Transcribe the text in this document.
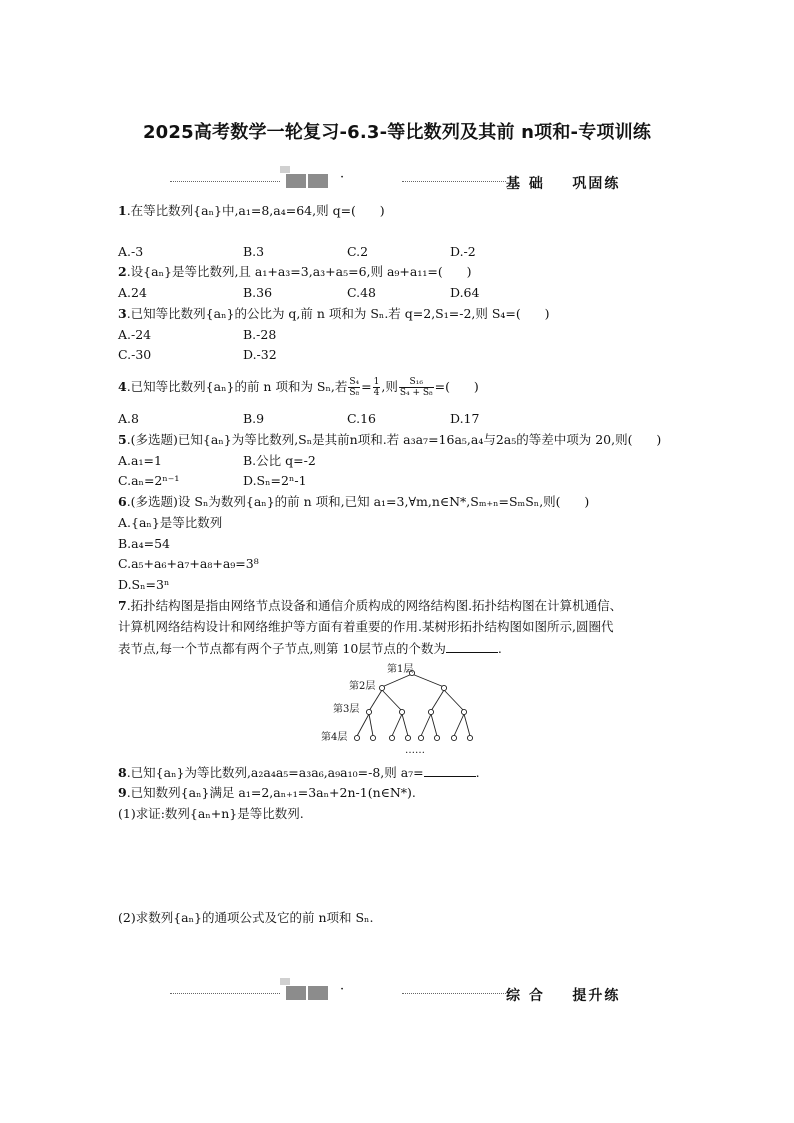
2025高考数学一轮复习-6.3-等比数列及其前 n项和-专项训练
·	基 础    巩固练
1.在等比数列{aₙ}中,a₁=8,a₄=64,则 q=(      )
A.-3	B.3	C.2	D.-2
2.设{aₙ}是等比数列,且 a₁+a₃=3,a₃+a₅=6,则 a₉+a₁₁=(      )
A.24	B.36	C.48	D.64
3.已知等比数列{aₙ}的公比为 q,前 n 项和为 Sₙ.若 q=2,S₁=-2,则 S₄=(      )
A.-24	B.-28
C.-30	D.-32
4.已知等比数列{aₙ}的前 n 项和为 Sₙ,若 $\frac{\text{S₄}}{\text{S₈}} = \frac{1}{4}$ ,则 $\frac{\text{S₁₆}}{\text{S₄ + S₈}}$ =(      )
A.8	B.9	C.16	D.17
5.(多选题)已知{aₙ}为等比数列,Sₙ是其前n项和.若 a₃a₇=16a₅,a₄与2a₅的等差中项为 20,则(      )
A.a₁=1	B.公比 q=-2
C.aₙ=2ⁿ⁻¹	D.Sₙ=2ⁿ-1
6.(多选题)设 Sₙ为数列{aₙ}的前 n 项和,已知 a₁=3,∀m,n∈N*,Sₘ₊ₙ=SₘSₙ,则(      )
A.{aₙ}是等比数列
B.a₄=54
C.a₅+a₆+a₇+a₈+a₉=3⁸
D.Sₙ=3ⁿ
7.拓扑结构图是指由网络节点设备和通信介质构成的网络结构图.拓扑结构图在计算机通信、
计算机网络结构设计和网络维护等方面有着重要的作用.某树形拓扑结构图如图所示,圆圈代
表节点,每一个节点都有两个子节点,则第 10层节点的个数为	.
第1层
第2层
第3层
第4层
……
8.已知{aₙ}为等比数列,a₂a₄a₅=a₃a₆,a₉a₁₀=-8,则 a₇=	.
9.已知数列{aₙ}满足 a₁=2,aₙ₊₁=3aₙ+2n-1(n∈N*).
(1)求证:数列{aₙ+n}是等比数列.
(2)求数列{aₙ}的通项公式及它的前 n项和 Sₙ.
·	综 合    提升练
